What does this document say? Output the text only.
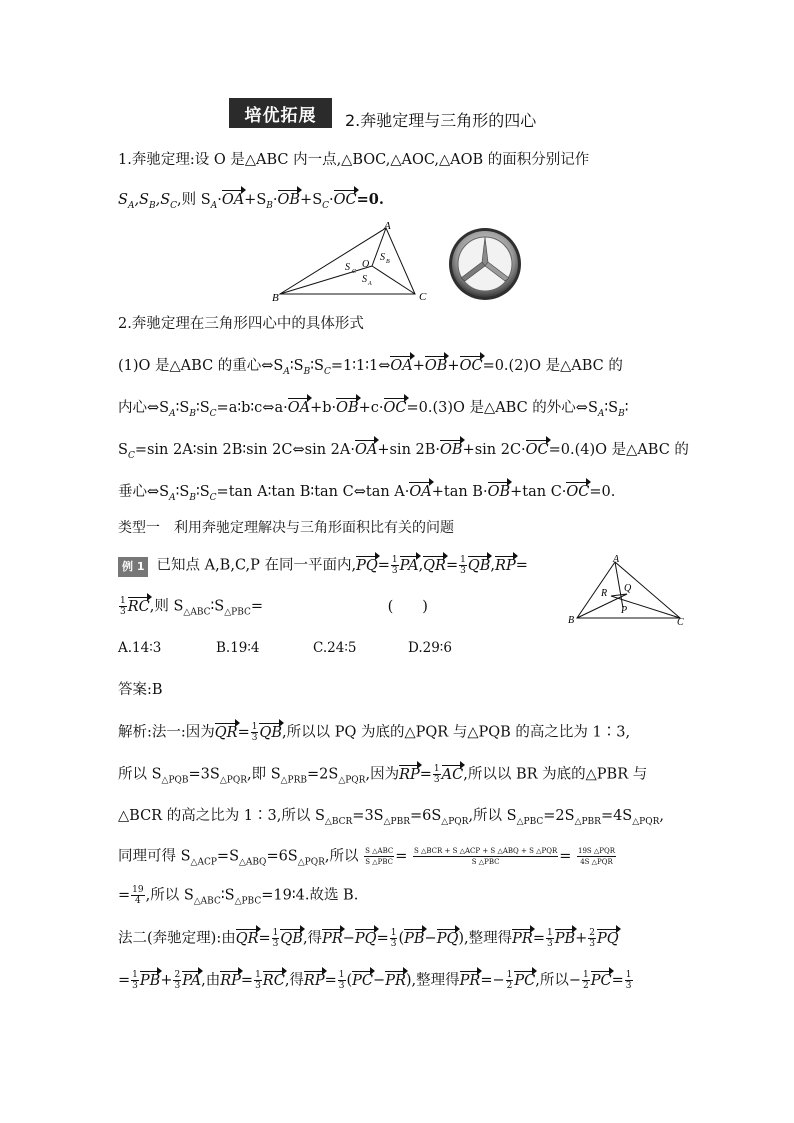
培优拓展	2.奔驰定理与三角形的四心
1.奔驰定理:设 O 是△ABC 内一点,△BOC,△AOC,△AOB 的面积分别记作
$S_A,S_B,S_C$,则 $S_A\cdot OA+S_B\cdot OB+S_C\cdot OC=0$.
A
B	C
O
S C
S B
S A
2.奔驰定理在三角形四心中的具体形式
(1)O 是△ABC 的重心$\Leftrightarrow S_A∶S_B∶S_C=1∶1∶1\Leftrightarrow OA+OB+OC=0.(2)O$ 是△ABC 的
内心$\Leftrightarrow S_A∶S_B∶S_C=a∶b∶c\Leftrightarrow a\cdot OA+b\cdot OB+c\cdot OC=0.(3)O$ 是△ABC 的外心$\Leftrightarrow S_A∶S_B∶$
$S_C=\sin$ 2A∶sin 2B∶sin 2C⇔sin 2A·OA+sin 2B·OB+sin 2C·OC=0.(4)O 是△ABC 的
垂心$\Leftrightarrow S_A∶S_B∶S_C=\tan$ A∶tan B∶tan C⇔tan A·OA+tan B·OB+tan C·OC=0.
类型一　利用奔驰定理解决与三角形面积比有关的问题
例 1 已知点 A,B,C,P 在同一平面内$,PQ= \frac{1}{3} PA,QR= \frac{1}{3} QB,RP=$
$\frac{1}{3}$ RC,则 $S_{\triangle ABC}∶S_{\triangle PBC}=$	(　　)
A
B	C
Q
R
P
A.14∶3	B.19∶4	C.24∶5	D.29∶6
答案:B
解析:法一:因为$QR= \frac{1}{3}$ QB,所以以 PQ 为底的△PQR 与△PQB 的高之比为 1∶3,
所以 $S_{\triangle PQB}=3S_{\triangle PQR}$,即 $S_{\triangle PRB}=2S_{\triangle PQR}$,因为$RP= \frac{1}{3}$ AC,所以以 BR 为底的△PBR 与
△BCR 的高之比为 1∶3,所以 $S_{\triangle BCR}=3S_{\triangle PBR}=6S_{\triangle PQR}$,所以 $S_{\triangle PBC}=2S_{\triangle PBR}=4S_{\triangle PQR}$,
同理可得 $S_{\triangle ACP}=S_{\triangle ABQ}=6S_{\triangle PQR}$,所以 $\frac{\text{S △ABC}}{\text{S △PBC}} = \frac{\text{S △BCR + S △ACP + S △ABQ + S △PQR}}{\text{S △PBC}} = \frac{\text{19S △PQR}}{\text{4S △PQR}}$
= $\frac{19}{4}$ ,所以 $S_{\triangle ABC}∶S_{\triangle PBC}=19∶4$.故选 B.
法二(奔驰定理):由$QR= \frac{1}{3}$ QB,得$PR-PQ= \frac{1}{3} (PB-PQ)$,整理得$PR= \frac{1}{3} PB+ \frac{2}{3}$ PQ
= $\frac{1}{3} PB+ \frac{2}{3}$ PA,由$RP= \frac{1}{3}$ RC,得$RP= \frac{1}{3} (PC-PR)$,整理得$PR=- \frac{1}{2}$ PC,所以− $\frac{1}{2} PC= \frac{1}{3}$
